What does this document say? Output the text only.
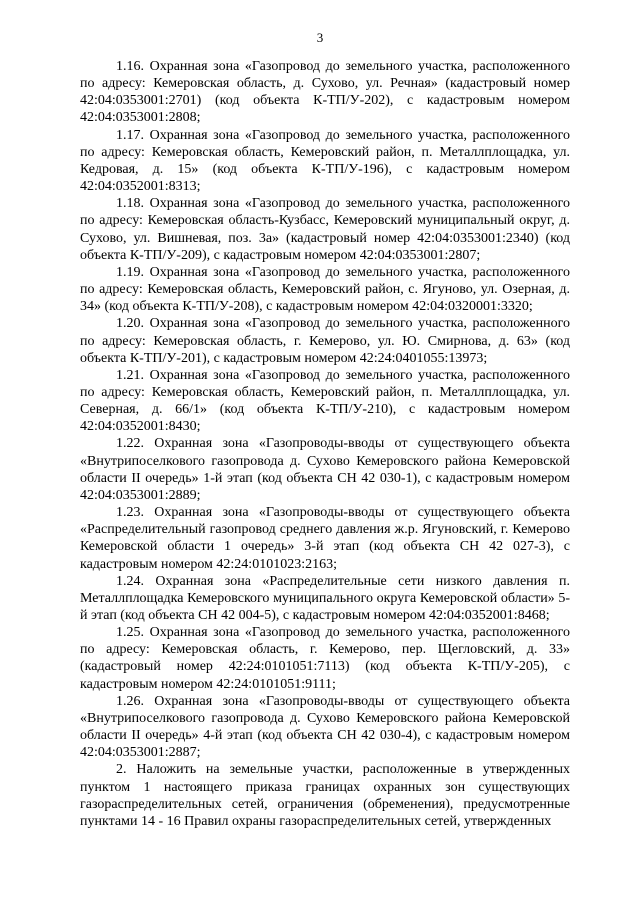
3

1.16. Охранная зона «Газопровод до земельного участка, расположенного по адресу: Кемеровская область, д. Сухово, ул. Речная» (кадастровый номер 42:04:0353001:2701) (код объекта К-ТП/У-202), с кадастровым номером 42:04:0353001:2808;

1.17. Охранная зона «Газопровод до земельного участка, расположенного по адресу: Кемеровская область, Кемеровский район, п. Металлплощадка, ул. Кедровая, д. 15» (код объекта К-ТП/У-196), с кадастровым номером 42:04:0352001:8313;

1.18. Охранная зона «Газопровод до земельного участка, расположенного по адресу: Кемеровская область-Кузбасс, Кемеровский муниципальный округ, д. Сухово, ул. Вишневая, поз. 3а» (кадастровый номер 42:04:0353001:2340) (код объекта К-ТП/У-209), с кадастровым номером 42:04:0353001:2807;

1.19. Охранная зона «Газопровод до земельного участка, расположенного по адресу: Кемеровская область, Кемеровский район, с. Ягуново, ул. Озерная, д. 34» (код объекта К-ТП/У-208), с кадастровым номером 42:04:0320001:3320;

1.20. Охранная зона «Газопровод до земельного участка, расположенного по адресу: Кемеровская область, г. Кемерово, ул. Ю. Смирнова, д. 63» (код объекта К-ТП/У-201), с кадастровым номером 42:24:0401055:13973;

1.21. Охранная зона «Газопровод до земельного участка, расположенного по адресу: Кемеровская область, Кемеровский район, п. Металлплощадка, ул. Северная, д. 66/1» (код объекта К-ТП/У-210), с кадастровым номером 42:04:0352001:8430;

1.22. Охранная зона «Газопроводы-вводы от существующего объекта «Внутрипоселкового газопровода д. Сухово Кемеровского района Кемеровской области II очередь» 1-й этап (код объекта СН 42 030-1), с кадастровым номером 42:04:0353001:2889;

1.23. Охранная зона «Газопроводы-вводы от существующего объекта «Распределительный газопровод среднего давления ж.р. Ягуновский, г. Кемерово Кемеровской области 1 очередь» 3-й этап (код объекта СН 42 027-3), с кадастровым номером 42:24:0101023:2163;

1.24. Охранная зона «Распределительные сети низкого давления п. Металлплощадка Кемеровского муниципального округа Кемеровской области» 5-й этап (код объекта СН 42 004-5), с кадастровым номером 42:04:0352001:8468;

1.25. Охранная зона «Газопровод до земельного участка, расположенного по адресу: Кемеровская область, г. Кемерово, пер. Щегловский, д. 33» (кадастровый номер 42:24:0101051:7113) (код объекта К-ТП/У-205), с кадастровым номером 42:24:0101051:9111;

1.26. Охранная зона «Газопроводы-вводы от существующего объекта «Внутрипоселкового газопровода д. Сухово Кемеровского района Кемеровской области II очередь» 4-й этап (код объекта СН 42 030-4), с кадастровым номером 42:04:0353001:2887;

2. Наложить на земельные участки, расположенные в утвержденных пунктом 1 настоящего приказа границах охранных зон существующих газораспределительных сетей, ограничения (обременения), предусмотренные пунктами 14 - 16 Правил охраны газораспределительных сетей, утвержденных
